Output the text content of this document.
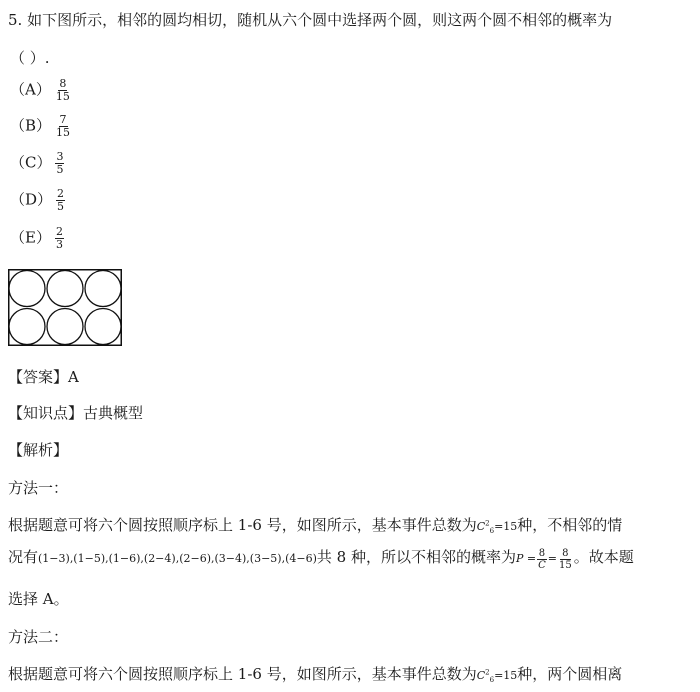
5. 如下图所示，相邻的圆均相切，随机从六个圆中选择两个圆，则这两个圆不相邻的概率为
（ ）.
$(A) \frac{8}{15}$
$(B) \frac{7}{15}$
$(C) \frac{3}{5}$
$(D) \frac{2}{5}$
$(E) \frac{2}{3}$
【答案】A
【知识点】古典概型
【解析】
方法一：
根据题意可将六个圆按照顺序标上 1-6 号，如图所示，基本事件总数为$C^2_6=15$种，不相邻的情
况有(1−3),(1−5),(1−6),(2−4),(2−6),(3−4),(3−5),(4−6)共 8 种，所以不相邻的概率为$P = \frac{8}{C} = \frac{8}{15}$ 。故本题
选择 A。
方法二：
根据题意可将六个圆按照顺序标上 1-6 号，如图所示，基本事件总数为$C^2_6=15$种，两个圆相离
